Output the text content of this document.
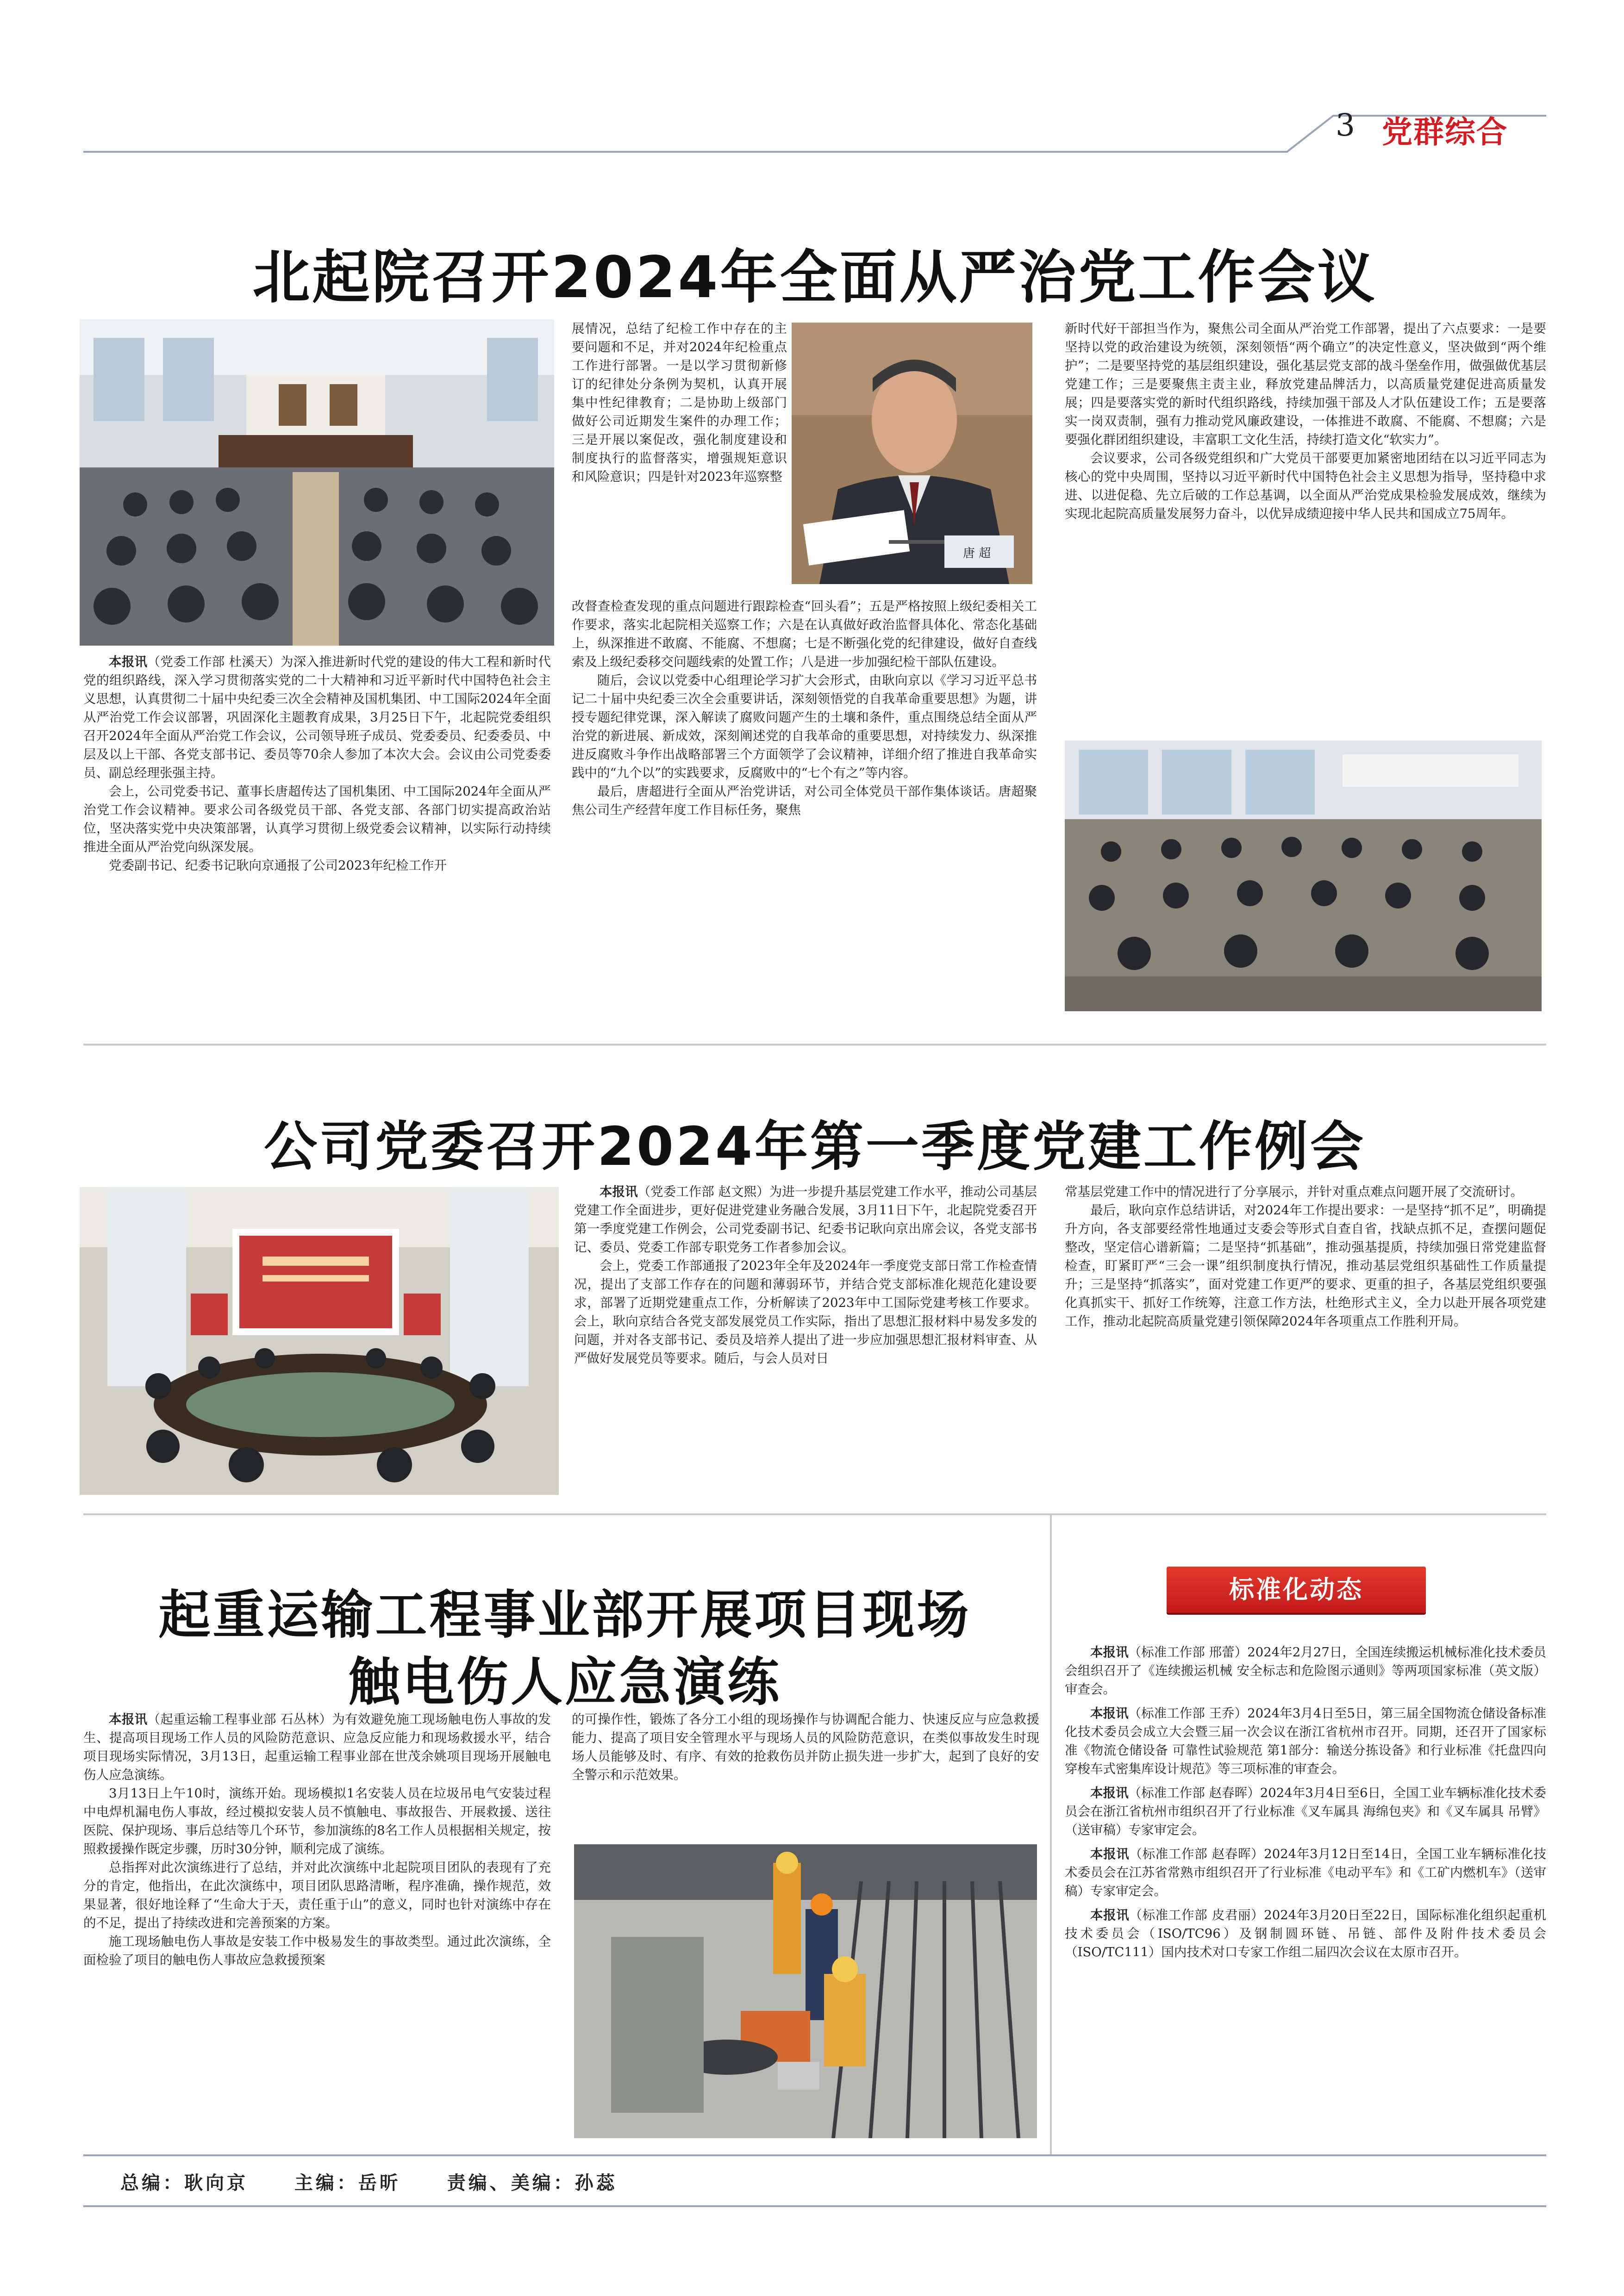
3 党群综合
北起院召开2024年全面从严治党工作会议
唐 超

本报讯（党委工作部 杜溪天）为深入推进新时代党的建设的伟大工程和新时代党的组织路线，深入学习贯彻落实党的二十大精神和习近平新时代中国特色社会主义思想，认真贯彻二十届中央纪委三次全会精神及国机集团、中工国际2024年全面从严治党工作会议部署，巩固深化主题教育成果，3月25日下午，北起院党委组织召开2024年全面从严治党工作会议，公司领导班子成员、党委委员、纪委委员、中层及以上干部、各党支部书记、委员等70余人参加了本次大会。会议由公司党委委员、副总经理张强主持。

会上，公司党委书记、董事长唐超传达了国机集团、中工国际2024年全面从严治党工作会议精神。要求公司各级党员干部、各党支部、各部门切实提高政治站位，坚决落实党中央决策部署，认真学习贯彻上级党委会议精神，以实际行动持续推进全面从严治党向纵深发展。

党委副书记、纪委书记耿向京通报了公司2023年纪检工作开

展情况，总结了纪检工作中存在的主要问题和不足，并对2024年纪检重点工作进行部署。一是以学习贯彻新修订的纪律处分条例为契机，认真开展集中性纪律教育；二是协助上级部门做好公司近期发生案件的办理工作；三是开展以案促改，强化制度建设和制度执行的监督落实，增强规矩意识和风险意识；四是针对2023年巡察整

改督查检查发现的重点问题进行跟踪检查“回头看”；五是严格按照上级纪委相关工作要求，落实北起院相关巡察工作；六是在认真做好政治监督具体化、常态化基础上，纵深推进不敢腐、不能腐、不想腐；七是不断强化党的纪律建设，做好自查线索及上级纪委移交问题线索的处置工作；八是进一步加强纪检干部队伍建设。

随后，会议以党委中心组理论学习扩大会形式，由耿向京以《学习习近平总书记二十届中央纪委三次全会重要讲话，深刻领悟党的自我革命重要思想》为题，讲授专题纪律党课，深入解读了腐败问题产生的土壤和条件，重点围绕总结全面从严治党的新进展、新成效，深刻阐述党的自我革命的重要思想，对持续发力、纵深推进反腐败斗争作出战略部署三个方面领学了会议精神，详细介绍了推进自我革命实践中的“九个以”的实践要求，反腐败中的“七个有之”等内容。

最后，唐超进行全面从严治党讲话，对公司全体党员干部作集体谈话。唐超聚焦公司生产经营年度工作目标任务，聚焦

新时代好干部担当作为，聚焦公司全面从严治党工作部署，提出了六点要求：一是要坚持以党的政治建设为统领，深刻领悟“两个确立”的决定性意义，坚决做到“两个维护”；二是要坚持党的基层组织建设，强化基层党支部的战斗堡垒作用，做强做优基层党建工作；三是要聚焦主责主业，释放党建品牌活力，以高质量党建促进高质量发展；四是要落实党的新时代组织路线，持续加强干部及人才队伍建设工作；五是要落实一岗双责制，强有力推动党风廉政建设，一体推进不敢腐、不能腐、不想腐；六是要强化群团组织建设，丰富职工文化生活，持续打造文化“软实力”。

会议要求，公司各级党组织和广大党员干部要更加紧密地团结在以习近平同志为核心的党中央周围，坚持以习近平新时代中国特色社会主义思想为指导，坚持稳中求进、以进促稳、先立后破的工作总基调，以全面从严治党成果检验发展成效，继续为实现北起院高质量发展努力奋斗，以优异成绩迎接中华人民共和国成立75周年。

公司党委召开2024年第一季度党建工作例会

本报讯（党委工作部 赵文熙）为进一步提升基层党建工作水平，推动公司基层党建工作全面进步，更好促进党建业务融合发展，3月11日下午，北起院党委召开第一季度党建工作例会，公司党委副书记、纪委书记耿向京出席会议，各党支部书记、委员、党委工作部专职党务工作者参加会议。

会上，党委工作部通报了2023年全年及2024年一季度党支部日常工作检查情况，提出了支部工作存在的问题和薄弱环节，并结合党支部标准化规范化建设要求，部署了近期党建重点工作，分析解读了2023年中工国际党建考核工作要求。会上，耿向京结合各党支部发展党员工作实际，指出了思想汇报材料中易发多发的问题，并对各支部书记、委员及培养人提出了进一步应加强思想汇报材料审查、从严做好发展党员等要求。随后，与会人员对日

常基层党建工作中的情况进行了分享展示，并针对重点难点问题开展了交流研讨。

最后，耿向京作总结讲话，对2024年工作提出要求：一是坚持“抓不足”，明确提升方向，各支部要经常性地通过支委会等形式自查自省，找缺点抓不足，查摆问题促整改，坚定信心谱新篇；二是坚持“抓基础”，推动强基提质，持续加强日常党建监督检查，盯紧盯严“三会一课”组织制度执行情况，推动基层党组织基础性工作质量提升；三是坚持“抓落实”，面对党建工作更严的要求、更重的担子，各基层党组织要强化真抓实干、抓好工作统筹，注意工作方法，杜绝形式主义，全力以赴开展各项党建工作，推动北起院高质量党建引领保障2024年各项重点工作胜利开局。

起重运输工程事业部开展项目现场
触电伤人应急演练

本报讯（起重运输工程事业部 石丛林）为有效避免施工现场触电伤人事故的发生、提高项目现场工作人员的风险防范意识、应急反应能力和现场救援水平，结合项目现场实际情况，3月13日，起重运输工程事业部在世茂余姚项目现场开展触电伤人应急演练。

3月13日上午10时，演练开始。现场模拟1名安装人员在垃圾吊电气安装过程中电焊机漏电伤人事故，经过模拟安装人员不慎触电、事故报告、开展救援、送往医院、保护现场、事后总结等几个环节，参加演练的8名工作人员根据相关规定，按照救援操作既定步骤，历时30分钟，顺利完成了演练。

总指挥对此次演练进行了总结，并对此次演练中北起院项目团队的表现有了充分的肯定，他指出，在此次演练中，项目团队思路清晰，程序准确，操作规范，效果显著，很好地诠释了“生命大于天，责任重于山”的意义，同时也针对演练中存在的不足，提出了持续改进和完善预案的方案。

施工现场触电伤人事故是安装工作中极易发生的事故类型。通过此次演练，全面检验了项目的触电伤人事故应急救援预案

的可操作性，锻炼了各分工小组的现场操作与协调配合能力、快速反应与应急救援能力、提高了项目安全管理水平与现场人员的风险防范意识，在类似事故发生时现场人员能够及时、有序、有效的抢救伤员并防止损失进一步扩大，起到了良好的安全警示和示范效果。

标准化动态

本报讯（标准工作部 邢蕾）2024年2月27日，全国连续搬运机械标准化技术委员会组织召开了《连续搬运机械 安全标志和危险图示通则》等两项国家标准（英文版）审查会。

本报讯（标准工作部 王乔）2024年3月4日至5日，第三届全国物流仓储设备标准化技术委员会成立大会暨三届一次会议在浙江省杭州市召开。同期，还召开了国家标准《物流仓储设备 可靠性试验规范 第1部分：输送分拣设备》和行业标准《托盘四向穿梭车式密集库设计规范》等三项标准的审查会。

本报讯（标准工作部 赵春晖）2024年3月4日至6日，全国工业车辆标准化技术委员会在浙江省杭州市组织召开了行业标准《叉车属具 海绵包夹》和《叉车属具 吊臂》（送审稿）专家审定会。

本报讯（标准工作部 赵春晖）2024年3月12日至14日，全国工业车辆标准化技术委员会在江苏省常熟市组织召开了行业标准《电动平车》和《工矿内燃机车》（送审稿）专家审定会。

本报讯（标准工作部 皮君丽）2024年3月20日至22日，国际标准化组织起重机技术委员会（ISO/TC96）及钢制圆环链、吊链、部件及附件技术委员会（ISO/TC111）国内技术对口专家工作组二届四次会议在太原市召开。

总编：耿向京 主编：岳昕 责编、美编：孙蕊
